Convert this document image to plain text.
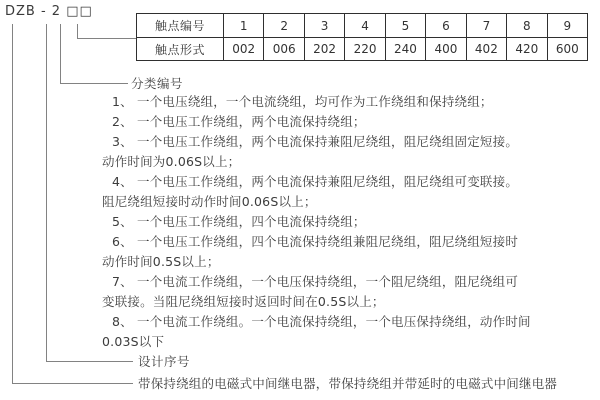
DZB - 2 □□
触点编号	1	2	3	4	5	6	7	8	9
触点形式	002	006	202	220	240	400	402	420	600
分类编号
1、 一个电压绕组，一个电流绕组，均可作为工作绕组和保持绕组；
2、 一个电压工作绕组，两个电流保持绕组；
3、 一个电压工作绕组，两个电流保持兼阻尼绕组，阻尼绕组固定短接。
动作时间为0.06S以上；
4、 一个电压工作绕组，两个电流保持兼阻尼绕组，阻尼绕组可变联接。
阻尼绕组短接时动作时间0.06S以上；
5、 一个电压工作绕组，四个电流保持绕组；
6、 一个电压工作绕组，四个电流保持绕组兼阻尼绕组，阻尼绕组短接时
动作时间0.5S以上；
7、 一个电流工作绕组，一个电压保持绕组，一个阻尼绕组，阻尼绕组可
变联接。当阻尼绕组短接时返回时间在0.5S以上；
8、 一个电流工作绕组。一个电流保持绕组，一个电压保持绕组，动作时间
0.03S以下
设计序号
带保持绕组的电磁式中间继电器，带保持绕组并带延时的电磁式中间继电器
